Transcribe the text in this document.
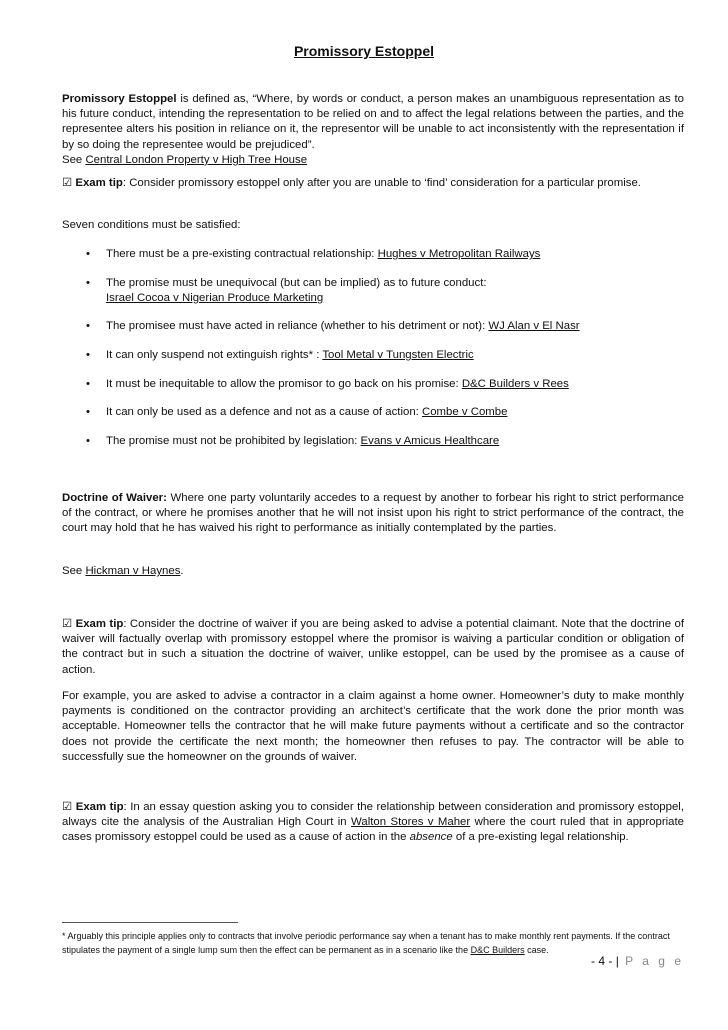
Promissory Estoppel

Promissory Estoppel is defined as, “Where, by words or conduct, a person makes an unambiguous representation as to his future conduct, intending the representation to be relied on and to affect the legal relations between the parties, and the representee alters his position in reliance on it, the representor will be unable to act inconsistently with the representation if by so doing the representee would be prejudiced”.
See Central London Property v High Tree House

☑ Exam tip: Consider promissory estoppel only after you are unable to ‘find’ consideration for a particular promise.

Seven conditions must be satisfied:

• There must be a pre-existing contractual relationship: Hughes v Metropolitan Railways
• The promise must be unequivocal (but can be implied) as to future conduct:
Israel Cocoa v Nigerian Produce Marketing
• The promisee must have acted in reliance (whether to his detriment or not): WJ Alan v El Nasr
• It can only suspend not extinguish rights* : Tool Metal v Tungsten Electric
• It must be inequitable to allow the promisor to go back on his promise: D&C Builders v Rees
• It can only be used as a defence and not as a cause of action: Combe v Combe
• The promise must not be prohibited by legislation: Evans v Amicus Healthcare

Doctrine of Waiver: Where one party voluntarily accedes to a request by another to forbear his right to strict performance of the contract, or where he promises another that he will not insist upon his right to strict performance of the contract, the court may hold that he has waived his right to performance as initially contemplated by the parties.

See Hickman v Haynes.

☑ Exam tip: Consider the doctrine of waiver if you are being asked to advise a potential claimant. Note that the doctrine of waiver will factually overlap with promissory estoppel where the promisor is waiving a particular condition or obligation of the contract but in such a situation the doctrine of waiver, unlike estoppel, can be used by the promisee as a cause of action.

For example, you are asked to advise a contractor in a claim against a home owner. Homeowner’s duty to make monthly payments is conditioned on the contractor providing an architect’s certificate that the work done the prior month was acceptable. Homeowner tells the contractor that he will make future payments without a certificate and so the contractor does not provide the certificate the next month; the homeowner then refuses to pay. The contractor will be able to successfully sue the homeowner on the grounds of waiver.

☑ Exam tip: In an essay question asking you to consider the relationship between consideration and promissory estoppel, always cite the analysis of the Australian High Court in Walton Stores v Maher where the court ruled that in appropriate cases promissory estoppel could be used as a cause of action in the absence of a pre-existing legal relationship.

* Arguably this principle applies only to contracts that involve periodic performance say when a tenant has to make monthly rent payments. If the contract stipulates the payment of a single lump sum then the effect can be permanent as in a scenario like the D&C Builders case.
- 4 - | P a g e
